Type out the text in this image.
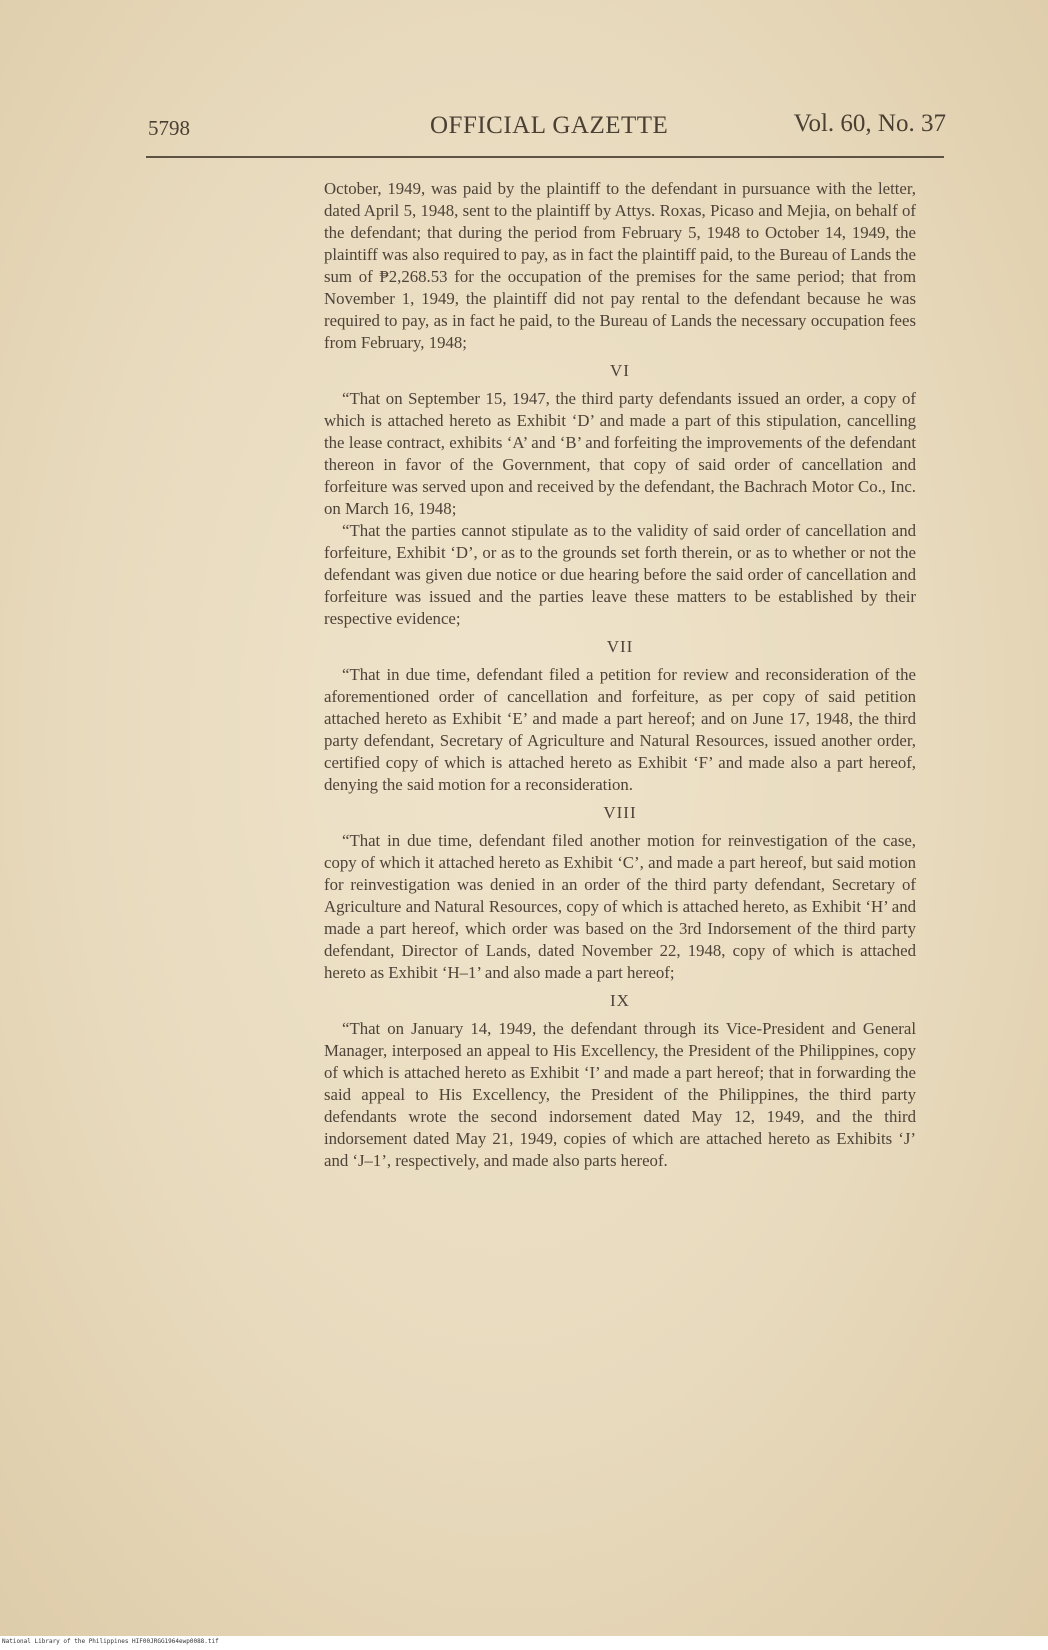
5798	OFFICIAL GAZETTE	Vol. 60, No. 37

October, 1949, was paid by the plaintiff to the defendant in pursuance with the letter, dated April 5, 1948, sent to the plaintiff by Attys. Roxas, Picaso and Mejia, on behalf of the defendant; that during the period from February 5, 1948 to October 14, 1949, the plaintiff was also required to pay, as in fact the plaintiff paid, to the Bureau of Lands the sum of ₱2,268.53 for the occupation of the premises for the same period; that from November 1, 1949, the plaintiff did not pay rental to the defendant because he was required to pay, as in fact he paid, to the Bureau of Lands the necessary occupation fees from February, 1948;

VI

“That on September 15, 1947, the third party defendants issued an order, a copy of which is attached hereto as Exhibit ‘D’ and made a part of this stipulation, cancelling the lease contract, exhibits ‘A’ and ‘B’ and forfeiting the improvements of the defendant thereon in favor of the Government, that copy of said order of cancellation and forfeiture was served upon and received by the defendant, the Bachrach Motor Co., Inc. on March 16, 1948;

“That the parties cannot stipulate as to the validity of said order of cancellation and forfeiture, Exhibit ‘D’, or as to the grounds set forth therein, or as to whether or not the defendant was given due notice or due hearing before the said order of cancellation and forfeiture was issued and the parties leave these matters to be established by their respective evidence;

VII

“That in due time, defendant filed a petition for review and reconsideration of the aforementioned order of cancellation and forfeiture, as per copy of said petition attached hereto as Exhibit ‘E’ and made a part hereof; and on June 17, 1948, the third party defendant, Secretary of Agriculture and Natural Resources, issued another order, certified copy of which is attached hereto as Exhibit ‘F’ and made also a part hereof, denying the said motion for a reconsideration.

VIII

“That in due time, defendant filed another motion for reinvestigation of the case, copy of which it attached hereto as Exhibit ‘C’, and made a part hereof, but said motion for reinvestigation was denied in an order of the third party defendant, Secretary of Agriculture and Natural Resources, copy of which is attached hereto, as Exhibit ‘H’ and made a part hereof, which order was based on the 3rd Indorsement of the third party defendant, Director of Lands, dated November 22, 1948, copy of which is attached hereto as Exhibit ‘H–1’ and also made a part hereof;

IX

“That on January 14, 1949, the defendant through its Vice-President and General Manager, interposed an appeal to His Excellency, the President of the Philippines, copy of which is attached hereto as Exhibit ‘I’ and made a part hereof; that in forwarding the said appeal to His Excellency, the President of the Philippines, the third party defendants wrote the second indorsement dated May 12, 1949, and the third indorsement dated May 21, 1949, copies of which are attached hereto as Exhibits ‘J’ and ‘J–1’, respectively, and made also parts hereof.

National Library of the Philippines HIF00JRGG1964ewp0088.tif
